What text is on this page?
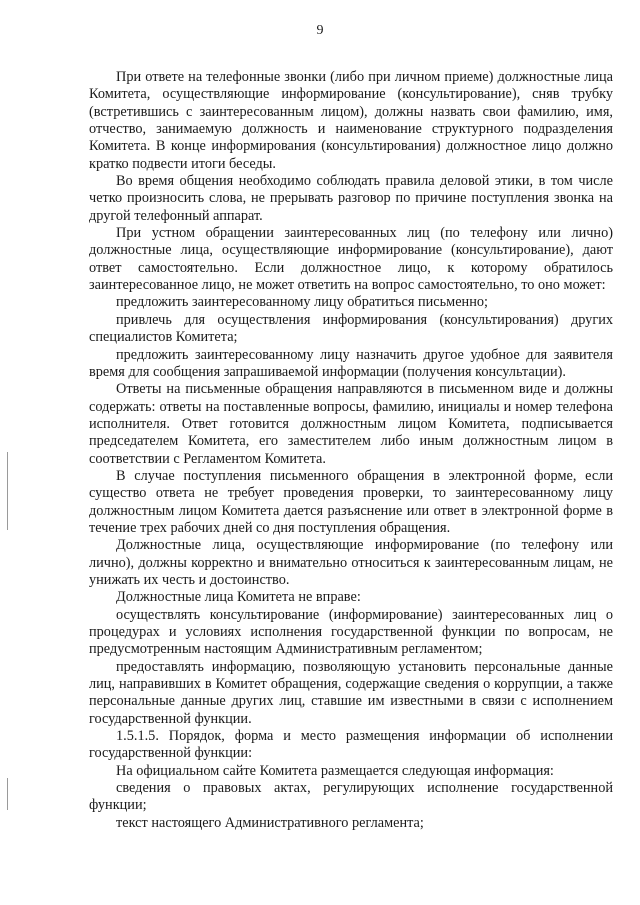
9

При ответе на телефонные звонки (либо при личном приеме) должностные лица Комитета, осуществляющие информирование (консультирование), сняв трубку (встретившись с заинтересованным лицом), должны назвать свои фамилию, имя, отчество, занимаемую должность и наименование структурного подразделения Комитета. В конце информирования (консультирования) должностное лицо должно кратко подвести итоги беседы.

Во время общения необходимо соблюдать правила деловой этики, в том числе четко произносить слова, не прерывать разговор по причине поступления звонка на другой телефонный аппарат.

При устном обращении заинтересованных лиц (по телефону или лично) должностные лица, осуществляющие информирование (консультирование), дают ответ самостоятельно. Если должностное лицо, к которому обратилось заинтересованное лицо, не может ответить на вопрос самостоятельно, то оно может:

предложить заинтересованному лицу обратиться письменно;

привлечь для осуществления информирования (консультирования) других специалистов Комитета;

предложить заинтересованному лицу назначить другое удобное для заявителя время для сообщения запрашиваемой информации (получения консультации).

Ответы на письменные обращения направляются в письменном виде и должны содержать: ответы на поставленные вопросы, фамилию, инициалы и номер телефона исполнителя. Ответ готовится должностным лицом Комитета, подписывается председателем Комитета, его заместителем либо иным должностным лицом в соответствии с Регламентом Комитета.

В случае поступления письменного обращения в электронной форме, если существо ответа не требует проведения проверки, то заинтересованному лицу должностным лицом Комитета дается разъяснение или ответ в электронной форме в течение трех рабочих дней со дня поступления обращения.

Должностные лица, осуществляющие информирование (по телефону или лично), должны корректно и внимательно относиться к заинтересованным лицам, не унижать их честь и достоинство.

Должностные лица Комитета не вправе:

осуществлять консультирование (информирование) заинтересованных лиц о процедурах и условиях исполнения государственной функции по вопросам, не предусмотренным настоящим Административным регламентом;

предоставлять информацию, позволяющую установить персональные данные лиц, направивших в Комитет обращения, содержащие сведения о коррупции, а также персональные данные других лиц, ставшие им известными в связи с исполнением государственной функции.

1.5.1.5. Порядок, форма и место размещения информации об исполнении государственной функции:

На официальном сайте Комитета размещается следующая информация:

сведения о правовых актах, регулирующих исполнение государственной функции;

текст настоящего Административного регламента;
